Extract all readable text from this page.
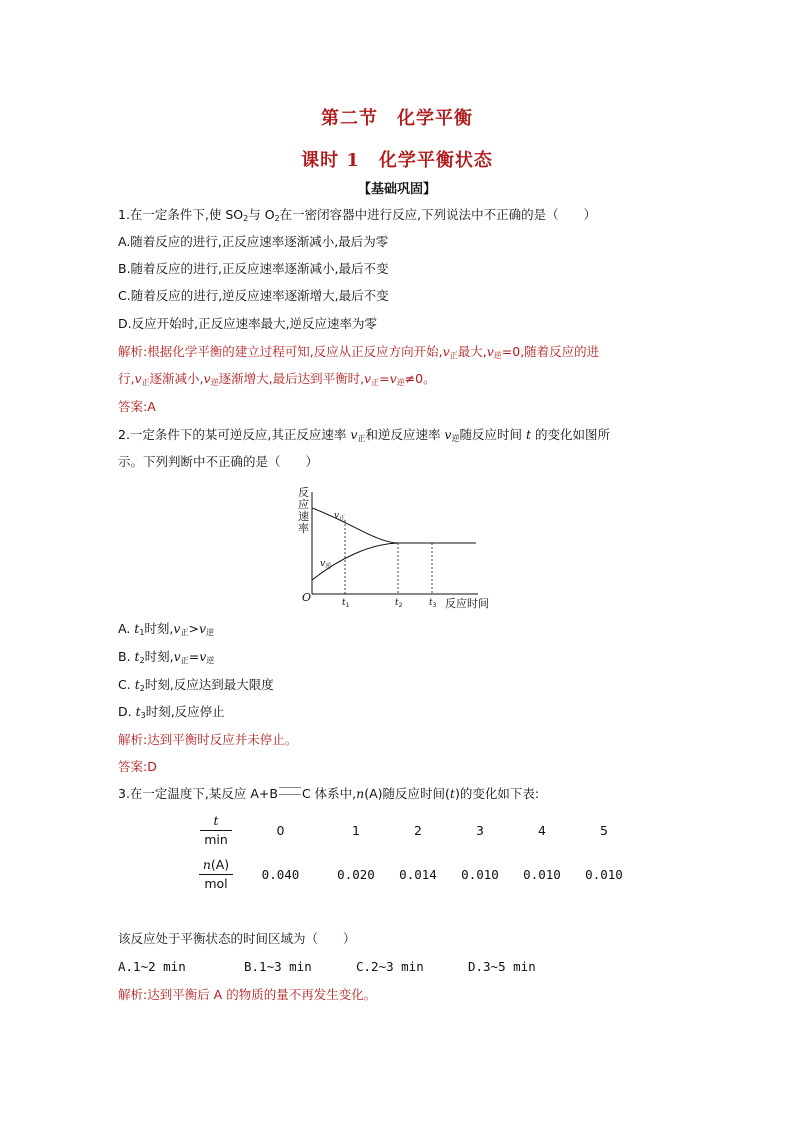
第二节　化学平衡
课时 1　化学平衡状态
【基础巩固】
1.在一定条件下,使 $SO_2$与 $O_2$在一密闭容器中进行反应,下列说法中不正确的是（　　）
A.随着反应的进行,正反应速率逐渐减小,最后为零
B.随着反应的进行,正反应速率逐渐减小,最后不变
C.随着反应的进行,逆反应速率逐渐增大,最后不变
D.反应开始时,正反应速率最大,逆反应速率为零
解析:根据化学平衡的建立过程可知,反应从正反应方向开始$,v_正$最大$,v_逆=0$,随着反应的进
行$,v_正$逐渐减小$,v_逆$逐渐增大,最后达到平衡时$,v_正=v_逆\ne 0$。
答案:A
2.一定条件下的某可逆反应,其正反应速率 $v_正$和逆反应速率 $v_逆$随反应时间 t 的变化如图所
示。下列判断中不正确的是（　　）
反 应 速 率
$v_正$
$v_逆$
O	$t_1$	$t_2$	$t_3$ 反应时间
A. $t_1$时刻$,v_正>v_逆$
B. $t_2$时刻$,v_正=v_逆$
C. $t_2$时刻,反应达到最大限度
D. $t_3$时刻,反应停止
解析:达到平衡时反应并未停止。
答案:D
3.在一定温度下,某反应 A+B C 体系中,n(A)随反应时间(t)的变化如下表:
$\frac{t}{\min}$	0	1	2	3	4	5

$\frac{n(A)}{\text{mol}}$	0.040	0.020	0.014	0.010	0.010	0.010
该反应处于平衡状态的时间区域为（　　）
A.1~2 min	B.1~3 min	C.2~3 min	D.3~5 min
解析:达到平衡后 A 的物质的量不再发生变化。
